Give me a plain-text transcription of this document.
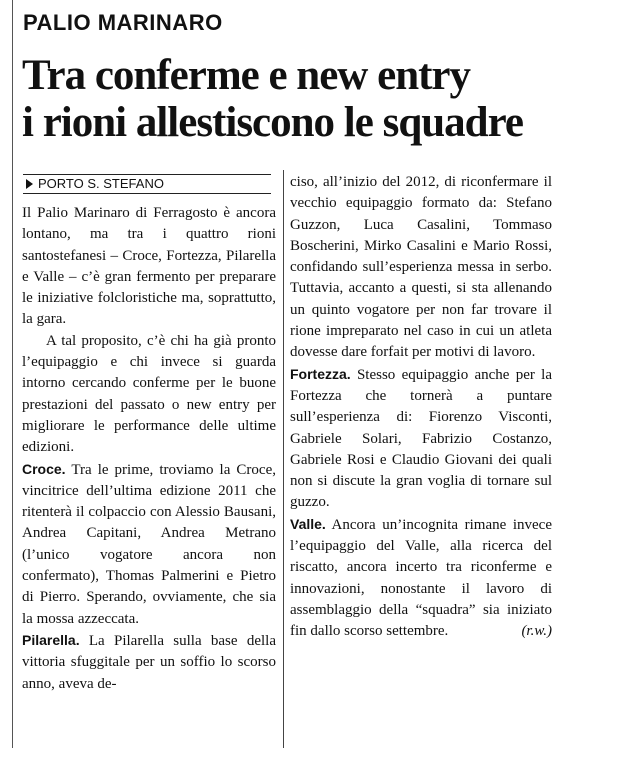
PALIO MARINARO
Tra conferme e new entry
i rioni allestiscono le squadre
PORTO S. STEFANO

Il Palio Marinaro di Ferragosto è ancora lontano, ma tra i quattro rioni santostefanesi – Croce, Fortezza, Pilarella e Valle – c’è gran fermento per preparare le iniziative folcloristiche ma, soprattutto, la gara.

A tal proposito, c’è chi ha già pronto l’equipaggio e chi invece si guarda intorno cercando conferme per le buone prestazioni del passato o new entry per migliorare le performance delle ultime edizioni.

Croce. Tra le prime, troviamo la Croce, vincitrice dell’ultima edizione 2011 che ritenterà il colpaccio con Alessio Bausani, Andrea Capitani, Andrea Metrano (l’unico vogatore ancora non confermato), Thomas Palmerini e Pietro di Pierro. Sperando, ovviamente, che sia la mossa azzeccata.

Pilarella. La Pilarella sulla base della vittoria sfuggitale per un soffio lo scorso anno, aveva de-

ciso, all’inizio del 2012, di riconfermare il vecchio equipaggio formato da: Stefano Guzzon, Luca Casalini, Tommaso Boscherini, Mirko Casalini e Mario Rossi, confidando sull’esperienza messa in serbo. Tuttavia, accanto a questi, si sta allenando un quinto vogatore per non far trovare il rione impreparato nel caso in cui un atleta dovesse dare forfait per motivi di lavoro.

Fortezza. Stesso equipaggio anche per la Fortezza che tornerà a puntare sull’esperienza di: Fiorenzo Visconti, Gabriele Solari, Fabrizio Costanzo, Gabriele Rosi e Claudio Giovani dei quali non si discute la gran voglia di tornare sul guzzo.

Valle. Ancora un’incognita rimane invece l’equipaggio del Valle, alla ricerca del riscatto, ancora incerto tra riconferme e innovazioni, nonostante il lavoro di assemblaggio della “squadra” sia iniziato fin dallo scorso settembre.	(r.w.)
